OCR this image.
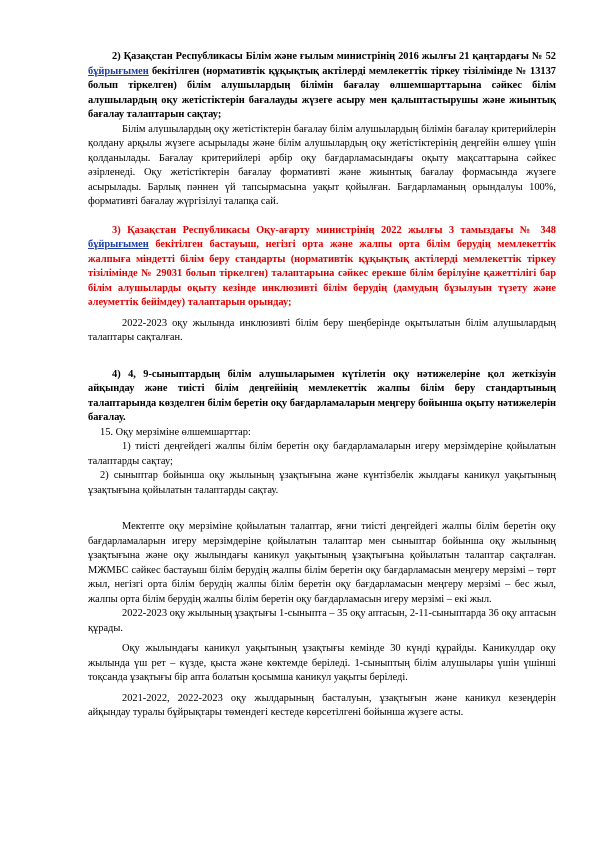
2) Қазақстан Республикасы Білім және ғылым министрінің 2016 жылғы 21 қаңтардағы № 52 бұйрығымен бекітілген (нормативтік құқықтық актілерді мемлекеттік тіркеу тізілімінде № 13137 болып тіркелген) білім алушылардың білімін бағалау өлшемшарттарына сәйкес білім алушылардың оқу жетістіктерін бағалауды жүзеге асыру мен қалыптастырушы және жиынтық бағалау талаптарын сақтау;

Білім алушылардың оқу жетістіктерін бағалау білім алушылардың білімін бағалау критерийлерін қолдану арқылы жүзеге асырылады және білім алушылардың оқу жетістіктерінің деңгейін өлшеу үшін қолданылады. Бағалау критерийлері әрбір оқу бағдарламасындағы оқыту мақсаттарына сәйкес әзірленеді. Оқу жетістіктерін бағалау формативті және жиынтық бағалау формасында жүзеге асырылады. Барлық пәннен үй тапсырмасына уақыт қойылған. Бағдарламаның орындалуы 100%, формативті бағалау жүргізілуі талапқа сай.

3) Қазақстан Республикасы Оқу-ағарту министрінің 2022 жылғы 3 тамыздағы № 348 бұйрығымен бекітілген бастауыш, негізгі орта және жалпы орта білім берудің мемлекеттік жалпыға міндетті білім беру стандарты (нормативтік құқықтық актілерді мемлекеттік тіркеу тізілімінде № 29031 болып тіркелген) талаптарына сәйкес ерекше білім берілуіне қажеттілігі бар білім алушыларды оқыту кезінде инклюзивті білім берудің (дамудың бұзылуын түзету және әлеуметтік бейімдеу) талаптарын орындау;

2022-2023 оқу жылында инклюзивті білім беру шеңберінде оқытылатын білім алушылардың талаптары сақталған.

4) 4, 9-сыныптардың білім алушыларымен күтілетін оқу нәтижелеріне қол жеткізуін айқындау және тиісті білім деңгейінің мемлекеттік жалпы білім беру стандартының талаптарында көзделген білім беретін оқу бағдарламаларын меңгеру бойынша оқыту нәтижелерін бағалау.

15. Оқу мерзіміне өлшемшарттар:

1) тиісті деңгейдегі жалпы білім беретін оқу бағдарламаларын игеру мерзімдеріне қойылатын талаптарды сақтау;

2) сыныптар бойынша оқу жылының ұзақтығына және күнтізбелік жылдағы каникул уақытының ұзақтығына қойылатын талаптарды сақтау.

Мектепте оқу мерзіміне қойылатын талаптар, яғни тиісті деңгейдегі жалпы білім беретін оқу бағдарламаларын игеру мерзімдеріне қойылатын талаптар мен сыныптар бойынша оқу жылының ұзақтығына және оқу жылындағы каникул уақытының ұзақтығына қойылатын талаптар сақталған. МЖМБС сәйкес бастауыш білім берудің жалпы білім беретін оқу бағдарламасын меңгеру мерзімі – төрт жыл, негізгі орта білім берудің жалпы білім беретін оқу бағдарламасын меңгеру мерзімі – бес жыл, жалпы орта білім берудің жалпы білім беретін оқу бағдарламасын игеру мерзімі – екі жыл.

2022-2023 оқу жылының ұзақтығы 1-сыныпта – 35 оқу аптасын, 2-11-сыныптарда 36 оқу аптасын құрады.

Оқу жылындағы каникул уақытының ұзақтығы кемінде 30 күнді құрайды. Каникулдар оқу жылында үш рет – күзде, қыста және көктемде беріледі. 1-сыныптың білім алушылары үшін үшінші тоқсанда ұзақтығы бір апта болатын қосымша каникул уақыты беріледі.

2021-2022, 2022-2023 оқу жылдарының басталуын, ұзақтығын және каникул кезеңдерін айқындау туралы бұйрықтары төмендегі кестеде көрсетілгені бойынша жүзеге асты.
